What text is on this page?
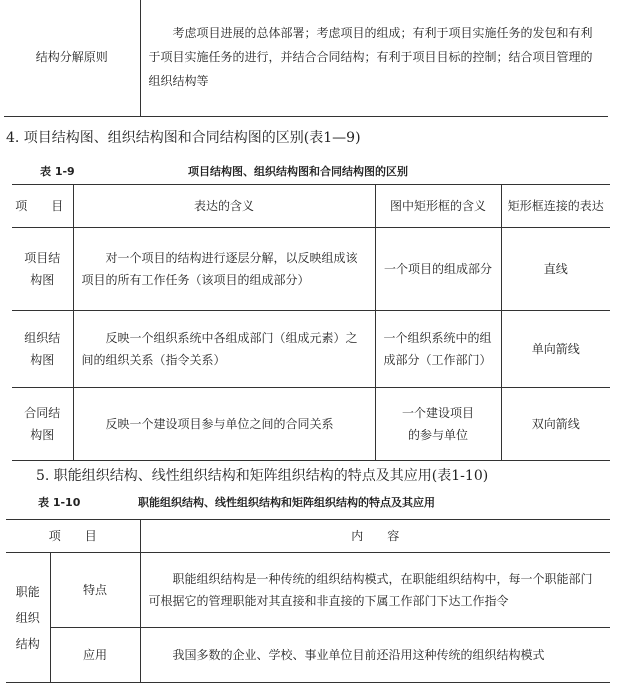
结构分解原则	考虑项目进展的总体部署；考虑项目的组成；有利于项目实施任务的发包和有利于项目实施任务的进行，并结合合同结构；有利于项目目标的控制；结合项目管理的组织结构等
4. 项目结构图、组织结构图和合同结构图的区别(表1—9)
表 1-9	项目结构图、组织结构图和合同结构图的区别
项　目	表达的含义	图中矩形框的含义	矩形框连接的表达
项目结构图	对一个项目的结构进行逐层分解，以反映组成该项目的所有工作任务（该项目的组成部分）	一个项目的组成部分	直线
组织结构图	反映一个组织系统中各组成部门（组成元素）之间的组织关系（指令关系）	一个组织系统中的组成部分（工作部门）	单向箭线
合同结构图	反映一个建设项目参与单位之间的合同关系	一个建设项目的参与单位	双向箭线
5. 职能组织结构、线性组织结构和矩阵组织结构的特点及其应用(表1-10)
表 1-10	职能组织结构、线性组织结构和矩阵组织结构的特点及其应用
项　　目		内　　容
职能组织结构	特点	职能组织结构是一种传统的组织结构模式，在职能组织结构中，每一个职能部门可根据它的管理职能对其直接和非直接的下属工作部门下达工作指令
	应用	我国多数的企业、学校、事业单位目前还沿用这种传统的组织结构模式
